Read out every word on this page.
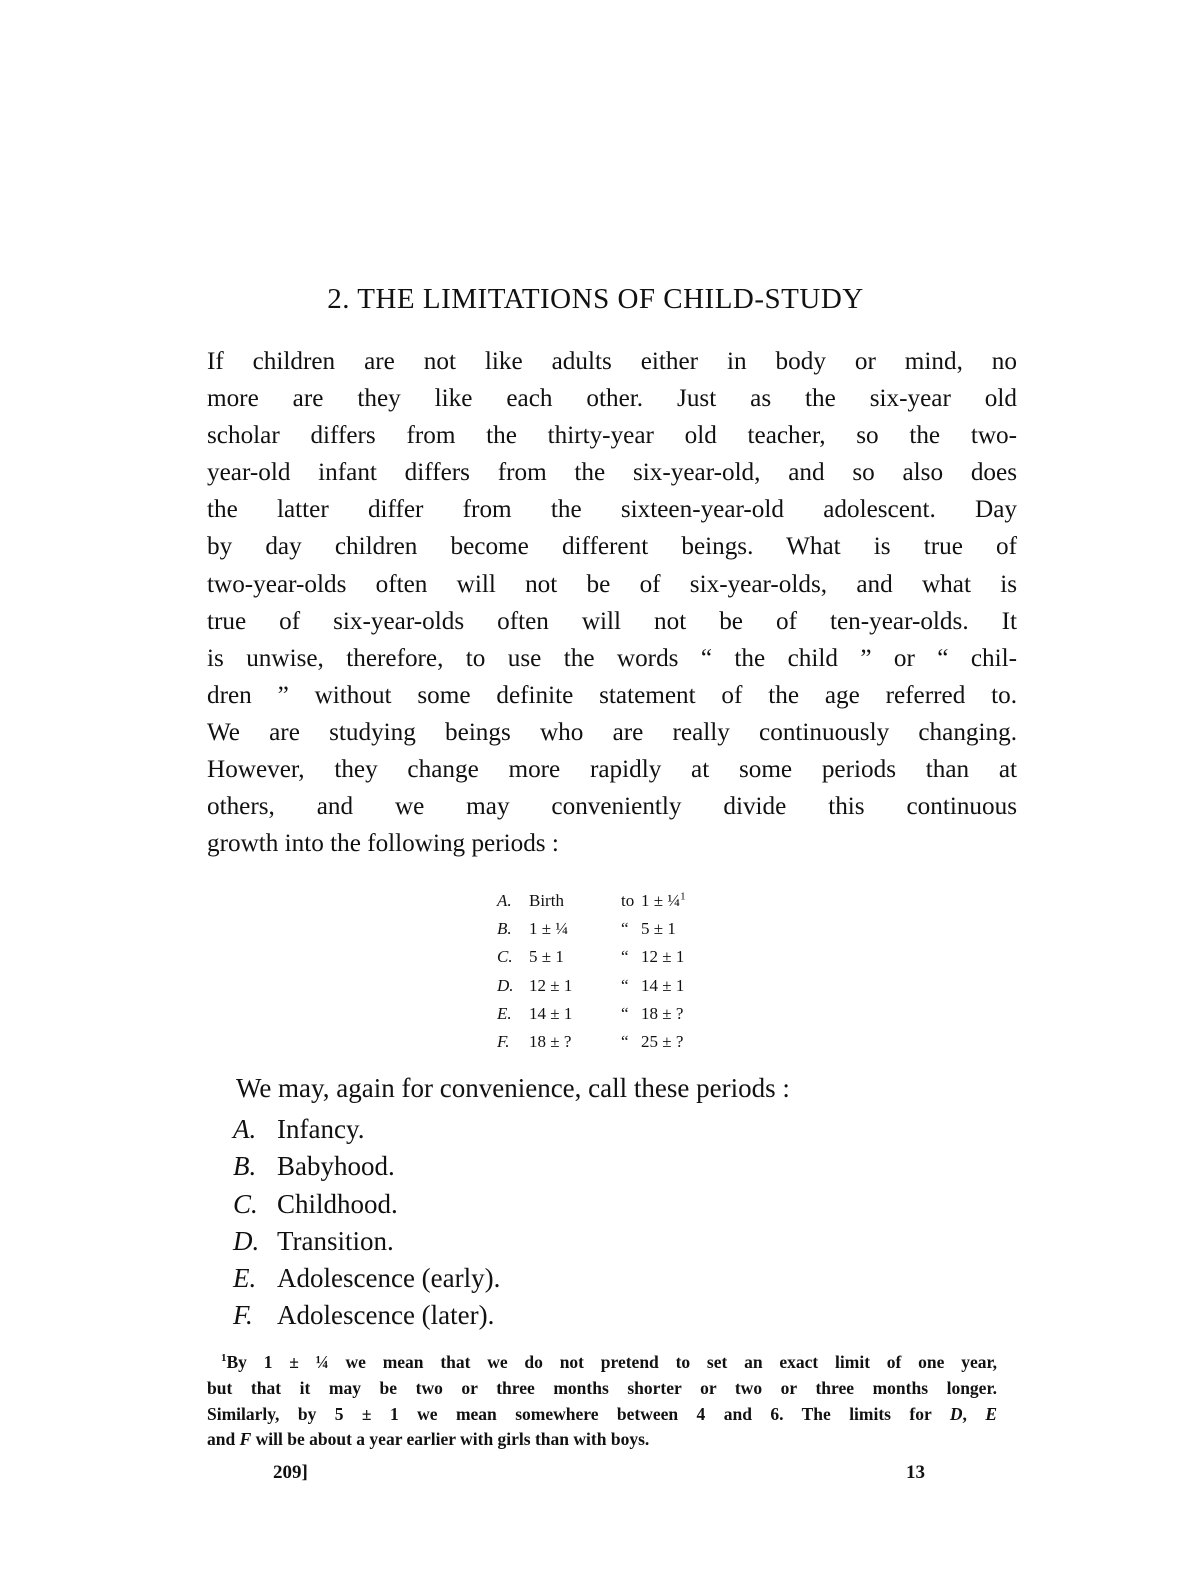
2. THE LIMITATIONS OF CHILD-STUDY
If children are not like adults either in body or mind, no
more are they like each other. Just as the six-year old
scholar differs from the thirty-year old teacher, so the two-
year-old infant differs from the six-year-old, and so also does
the latter differ from the sixteen-year-old adolescent. Day
by day children become different beings. What is true of
two-year-olds often will not be of six-year-olds, and what is
true of six-year-olds often will not be of ten-year-olds. It
is unwise, therefore, to use the words “ the child ” or “ chil-
dren ” without some definite statement of the age referred to.
We are studying beings who are really continuously changing.
However, they change more rapidly at some periods than at
others, and we may conveniently divide this continuous
growth into the following periods :
A.	Birth	to 1 ± ¼$^1$
B.	1 ± ¼	“ 5 ± 1
C. 5 ± 1	“ 12 ± 1
D. 12 ± 1	“ 14 ± 1
E.	14 ± 1	“ 18 ± ?
F.	18 ± ?	“ 25 ± ?
We may, again for convenience, call these periods :
A. Infancy.
B. Babyhood.
C. Childhood.
D. Transition.
E. Adolescence (early).
F. Adolescence (later).
$^1$By 1 ± ¼ we mean that we do not pretend to set an exact limit of one year,
but that it may be two or three months shorter or two or three months longer.
Similarly, by 5 ± 1 we mean somewhere between 4 and 6. The limits for D, E
and F will be about a year earlier with girls than with boys.
209]	13
